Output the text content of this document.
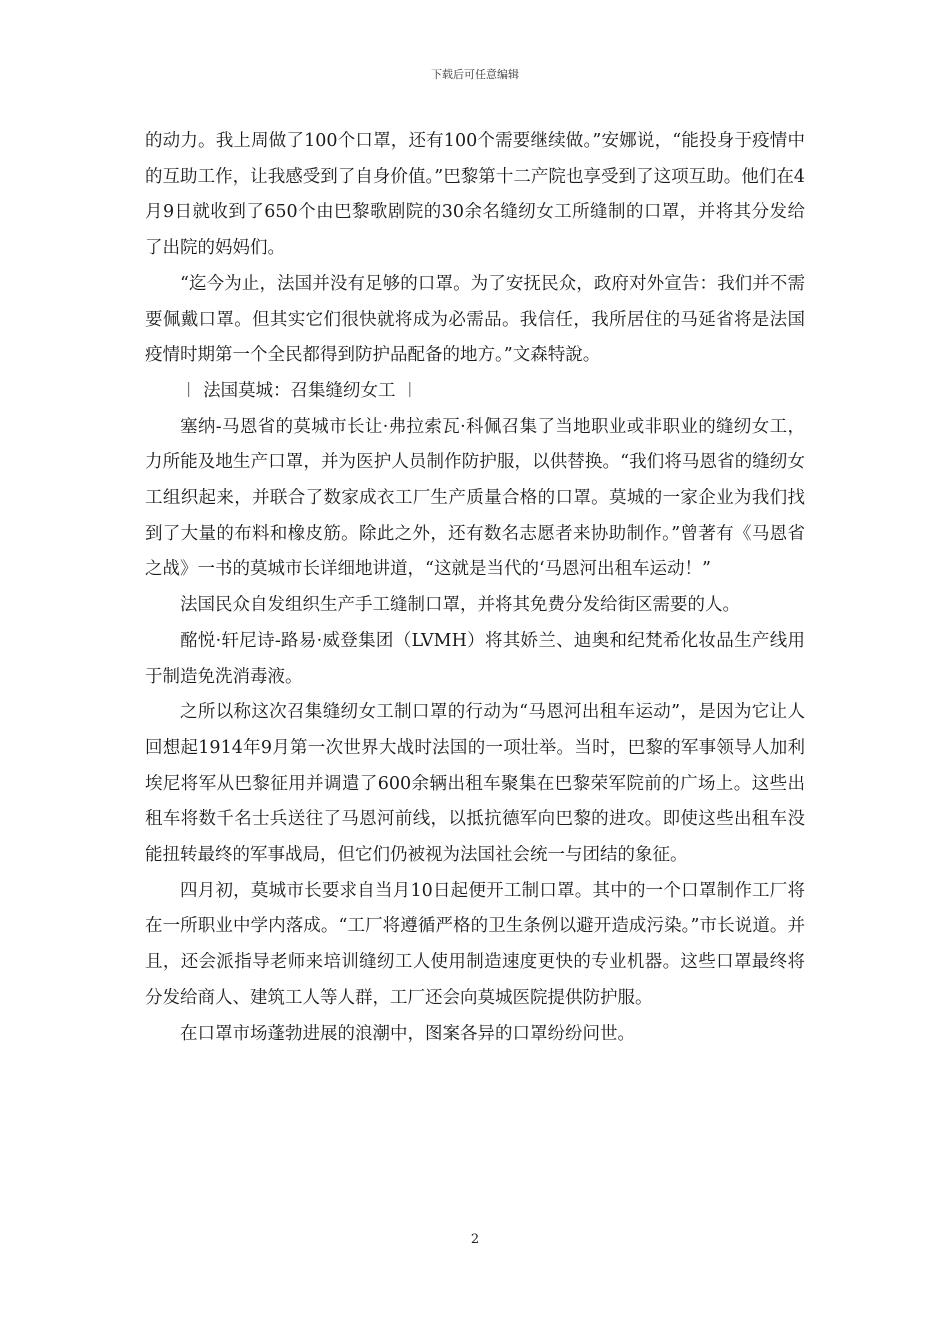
下载后可任意编辑

的动力。我上周做了100个口罩，还有100个需要继续做。”安娜说，“能投身于疫情中的互助工作，让我感受到了自身价值。”巴黎第十二产院也享受到了这项互助。他们在4月9日就收到了650个由巴黎歌剧院的30余名缝纫女工所缝制的口罩，并将其分发给了出院的妈妈们。

“迄今为止，法国并没有足够的口罩。为了安抚民众，政府对外宣告：我们并不需要佩戴口罩。但其实它们很快就将成为必需品。我信任，我所居住的马延省将是法国疫情时期第一个全民都得到防护品配备的地方。”文森特說。

︱ 法国莫城：召集缝纫女工 ︱

塞纳-马恩省的莫城市长让·弗拉索瓦·科佩召集了当地职业或非职业的缝纫女工，力所能及地生产口罩，并为医护人员制作防护服，以供替换。“我们将马恩省的缝纫女工组织起来，并联合了数家成衣工厂生产质量合格的口罩。莫城的一家企业为我们找到了大量的布料和橡皮筋。除此之外，还有数名志愿者来协助制作。”曾著有《马恩省之战》一书的莫城市长详细地讲道，“这就是当代的‘马恩河出租车运动！”

法国民众自发组织生产手工缝制口罩，并将其免费分发给街区需要的人。

酩悦·轩尼诗-路易·威登集团（LVMH）将其娇兰、迪奥和纪梵希化妆品生产线用于制造免洗消毒液。

之所以称这次召集缝纫女工制口罩的行动为“马恩河出租车运动”，是因为它让人回想起1914年9月第一次世界大战时法国的一项壮举。当时，巴黎的军事领导人加利埃尼将军从巴黎征用并调遣了600余辆出租车聚集在巴黎荣军院前的广场上。这些出租车将数千名士兵送往了马恩河前线，以抵抗德军向巴黎的进攻。即使这些出租车没能扭转最终的军事战局，但它们仍被视为法国社会统一与团结的象征。

四月初，莫城市长要求自当月10日起便开工制口罩。其中的一个口罩制作工厂将在一所职业中学内落成。“工厂将遵循严格的卫生条例以避开造成污染。”市长说道。并且，还会派指导老师来培训缝纫工人使用制造速度更快的专业机器。这些口罩最终将分发给商人、建筑工人等人群，工厂还会向莫城医院提供防护服。

在口罩市场蓬勃进展的浪潮中，图案各异的口罩纷纷问世。

2
